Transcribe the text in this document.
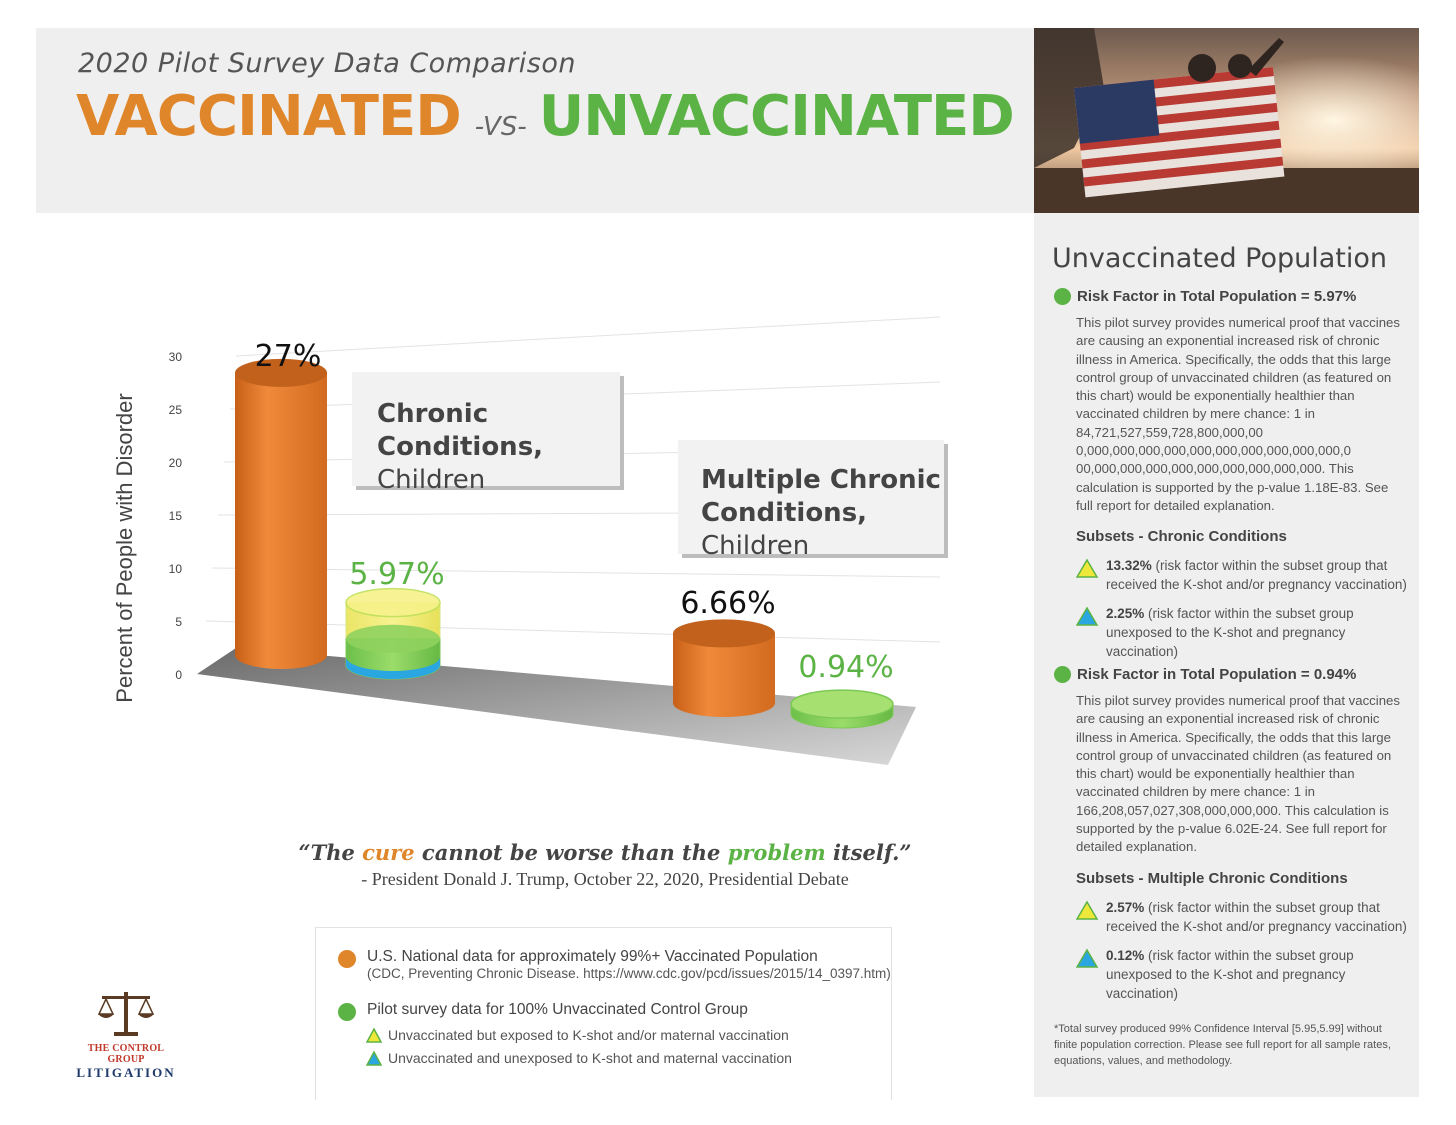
2020 Pilot Survey Data Comparison
VACCINATED -VS- UNVACCINATED
Percent of People with Disorder	0
5
10
15
20
25
30 27%
6.66%
5.97%
0.94%
Chronic Conditions,
Children	Multiple Chronic Conditions, Children
“The cure cannot be worse than the problem itself.”
- President Donald J. Trump, October 22, 2020, Presidential Debate
U.S. National data for approximately 99%+ Vaccinated Population
(CDC, Preventing Chronic Disease. https://www.cdc.gov/pcd/issues/2015/14_0397.htm)
Pilot survey data for 100% Unvaccinated Control Group
Unvaccinated but exposed to K-shot and/or maternal vaccination
Unvaccinated and unexposed to K-shot and maternal vaccination
THE CONTROL GROUP
LITIGATION
Unvaccinated Population
Risk Factor in Total Population = 5.97%
This pilot survey provides numerical proof that vaccines are causing an exponential increased risk of chronic illness in America. Specifically, the odds that this large control group of unvaccinated children (as featured on this chart) would be exponentially healthier than vaccinated children by mere chance: 1 in 84,721,527,559,728,800,000,00 0,000,000,000,000,000,000,000,000,000,000,0 00,000,000,000,000,000,000,000,000,000. This calculation is supported by the p-value 1.18E-83. See full report for detailed explanation.
Subsets - Chronic Conditions
13.32% (risk factor within the subset group that received the K-shot and/or pregnancy vaccination)
2.25% (risk factor within the subset group unexposed to the K-shot and pregnancy vaccination)
Risk Factor in Total Population = 0.94%
This pilot survey provides numerical proof that vaccines are causing an exponential increased risk of chronic illness in America. Specifically, the odds that this large control group of unvaccinated children (as featured on this chart) would be exponentially healthier than vaccinated children by mere chance: 1 in 166,208,057,027,308,000,000,000. This calculation is supported by the p-value 6.02E-24. See full report for detailed explanation.
Subsets - Multiple Chronic Conditions
2.57% (risk factor within the subset group that received the K-shot and/or pregnancy vaccination)
0.12% (risk factor within the subset group unexposed to the K-shot and pregnancy vaccination)
*Total survey produced 99% Confidence Interval [5.95,5.99] without finite population correction. Please see full report for all sample rates, equations, values, and methodology.
